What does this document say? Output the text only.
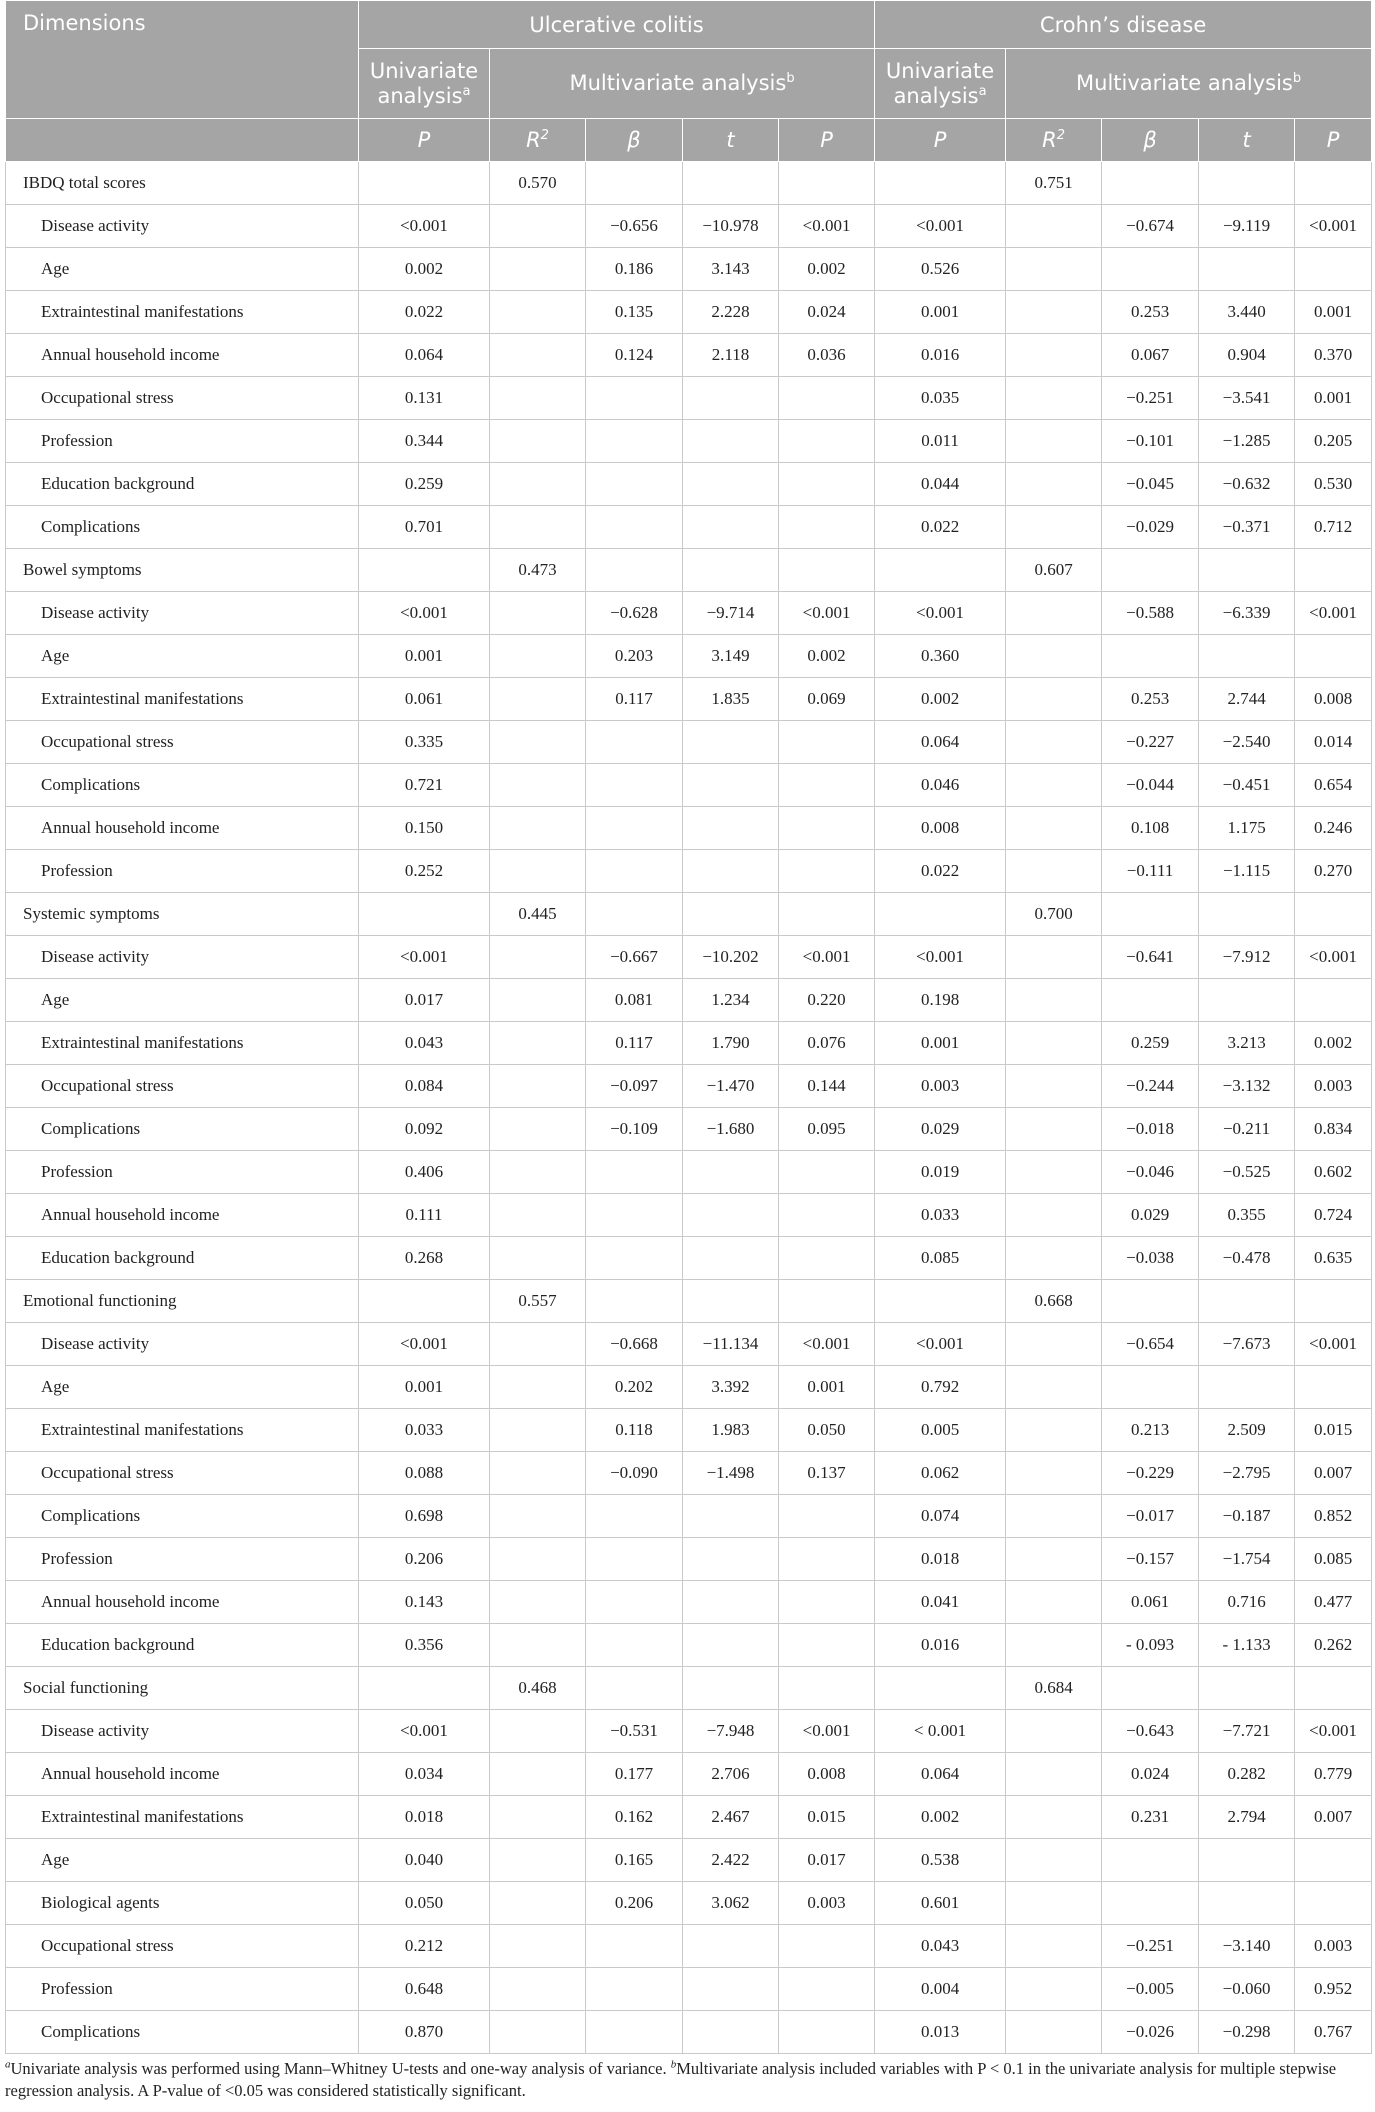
Dimensions	Ulcerative colitis					Crohn’s disease				
	Univariate analysis$^a$	Multivariate analysis$^b$				Univariate analysis$^a$	Multivariate analysis$^b$
	P	$R^2$	β	t	P	P	$R^2$	β	t	P
IBDQ total scores		0.570					0.751			
Disease activity	<0.001		−0.656	−10.978	<0.001	<0.001		−0.674	−9.119	<0.001
Age	0.002		0.186	3.143	0.002	0.526				
Extraintestinal manifestations	0.022		0.135	2.228	0.024	0.001		0.253	3.440	0.001
Annual household income	0.064		0.124	2.118	0.036	0.016		0.067	0.904	0.370
Occupational stress	0.131					0.035		−0.251	−3.541	0.001
Profession	0.344					0.011		−0.101	−1.285	0.205
Education background	0.259					0.044		−0.045	−0.632	0.530
Complications	0.701					0.022		−0.029	−0.371	0.712
Bowel symptoms		0.473					0.607			
Disease activity	<0.001		−0.628	−9.714	<0.001	<0.001		−0.588	−6.339	<0.001
Age	0.001		0.203	3.149	0.002	0.360				
Extraintestinal manifestations	0.061		0.117	1.835	0.069	0.002		0.253	2.744	0.008
Occupational stress	0.335					0.064		−0.227	−2.540	0.014
Complications	0.721					0.046		−0.044	−0.451	0.654
Annual household income	0.150					0.008		0.108	1.175	0.246
Profession	0.252					0.022		−0.111	−1.115	0.270
Systemic symptoms		0.445					0.700			
Disease activity	<0.001		−0.667	−10.202	<0.001	<0.001		−0.641	−7.912	<0.001
Age	0.017		0.081	1.234	0.220	0.198				
Extraintestinal manifestations	0.043		0.117	1.790	0.076	0.001		0.259	3.213	0.002
Occupational stress	0.084		−0.097	−1.470	0.144	0.003		−0.244	−3.132	0.003
Complications	0.092		−0.109	−1.680	0.095	0.029		−0.018	−0.211	0.834
Profession	0.406					0.019		−0.046	−0.525	0.602
Annual household income	0.111					0.033		0.029	0.355	0.724
Education background	0.268					0.085		−0.038	−0.478	0.635
Emotional functioning		0.557					0.668			
Disease activity	<0.001		−0.668	−11.134	<0.001	<0.001		−0.654	−7.673	<0.001
Age	0.001		0.202	3.392	0.001	0.792				
Extraintestinal manifestations	0.033		0.118	1.983	0.050	0.005		0.213	2.509	0.015
Occupational stress	0.088		−0.090	−1.498	0.137	0.062		−0.229	−2.795	0.007
Complications	0.698					0.074		−0.017	−0.187	0.852
Profession	0.206					0.018		−0.157	−1.754	0.085
Annual household income	0.143					0.041		0.061	0.716	0.477
Education background	0.356					0.016		- 0.093	- 1.133	0.262
Social functioning		0.468					0.684			
Disease activity	<0.001		−0.531	−7.948	<0.001	< 0.001		−0.643	−7.721	<0.001
Annual household income	0.034		0.177	2.706	0.008	0.064		0.024	0.282	0.779
Extraintestinal manifestations	0.018		0.162	2.467	0.015	0.002		0.231	2.794	0.007
Age	0.040		0.165	2.422	0.017	0.538				
Biological agents	0.050		0.206	3.062	0.003	0.601				
Occupational stress	0.212					0.043		−0.251	−3.140	0.003
Profession	0.648					0.004		−0.005	−0.060	0.952
Complications	0.870					0.013		−0.026	−0.298	0.767
$^a$Univariate analysis was performed using Mann–Whitney U-tests and one-way analysis of variance. $^b$Multivariate analysis included variables with P < 0.1 in the univariate analysis for multiple stepwise regression analysis. A P-value of <0.05 was considered statistically significant.
